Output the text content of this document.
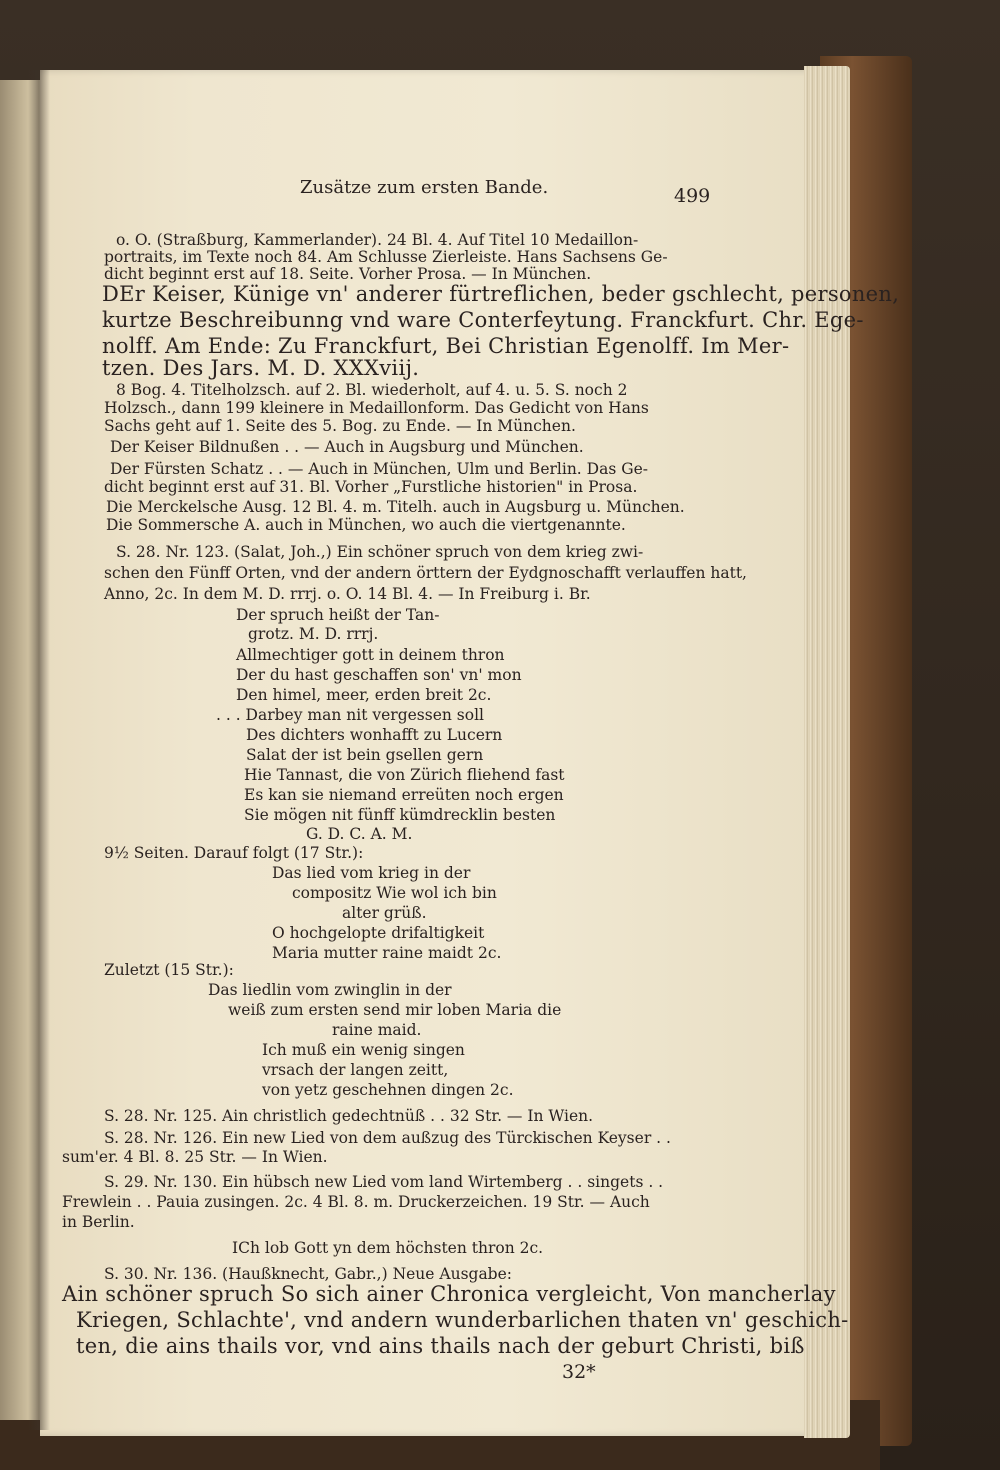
Zusätze zum ersten Bande.	499
o. O. (Straßburg, Kammerlander). 24 Bl. 4. Auf Titel 10 Medaillon-
portraits, im Texte noch 84. Am Schlusse Zierleiste. Hans Sachsens Ge-
dicht beginnt erst auf 18. Seite. Vorher Prosa. — In München.
DEr Keiser, Künige vn' anderer fürtreflichen, beder gschlecht, personen,
kurtze Beschreibunng vnd ware Conterfeytung. Franckfurt. Chr. Ege-
nolff. Am Ende: Zu Franckfurt, Bei Christian Egenolff. Im Mer-
tzen. Des Jars. M. D. XXXviij.
8 Bog. 4. Titelholzsch. auf 2. Bl. wiederholt, auf 4. u. 5. S. noch 2
Holzsch., dann 199 kleinere in Medaillonform. Das Gedicht von Hans
Sachs geht auf 1. Seite des 5. Bog. zu Ende. — In München.
Der Keiser Bildnußen . . — Auch in Augsburg und München.
Der Fürsten Schatz . . — Auch in München, Ulm und Berlin. Das Ge-
dicht beginnt erst auf 31. Bl. Vorher „Furstliche historien" in Prosa.
Die Merckelsche Ausg. 12 Bl. 4. m. Titelh. auch in Augsburg u. München.
Die Sommersche A. auch in München, wo auch die viertgenannte.
S. 28. Nr. 123. (Salat, Joh.,) Ein schöner spruch von dem krieg zwi-
schen den Fünff Orten, vnd der andern örttern der Eydgnoschafft verlauffen hatt,
Anno, 2c. In dem M. D. rrrj. o. O. 14 Bl. 4. — In Freiburg i. Br.
Der spruch heißt der Tan-
grotz. M. D. rrrj.
Allmechtiger gott in deinem thron
Der du hast geschaffen son' vn' mon
Den himel, meer, erden breit 2c.
. . . Darbey man nit vergessen soll
Des dichters wonhafft zu Lucern
Salat der ist bein gsellen gern
Hie Tannast, die von Zürich fliehend fast
Es kan sie niemand erreüten noch ergen
Sie mögen nit fünff kümdrecklin besten
G. D. C. A. M.
9½ Seiten. Darauf folgt (17 Str.):
Das lied vom krieg in der
compositz Wie wol ich bin
alter grüß.
O hochgelopte drifaltigkeit
Maria mutter raine maidt 2c.
Zuletzt (15 Str.):
Das liedlin vom zwinglin in der
weiß zum ersten send mir loben Maria die
raine maid.
Ich muß ein wenig singen
vrsach der langen zeitt,
von yetz geschehnen dingen 2c.
S. 28. Nr. 125. Ain christlich gedechtnüß . . 32 Str. — In Wien.
S. 28. Nr. 126. Ein new Lied von dem außzug des Türckischen Keyser . .
sum'er. 4 Bl. 8. 25 Str. — In Wien.
S. 29. Nr. 130. Ein hübsch new Lied vom land Wirtemberg . . singets . .
Frewlein . . Pauia zusingen. 2c. 4 Bl. 8. m. Druckerzeichen. 19 Str. — Auch
in Berlin.
ICh lob Gott yn dem höchsten thron 2c.
S. 30. Nr. 136. (Haußknecht, Gabr.,) Neue Ausgabe:
Ain schöner spruch So sich ainer Chronica vergleicht, Von mancherlay
Kriegen, Schlachte', vnd andern wunderbarlichen thaten vn' geschich-
ten, die ains thails vor, vnd ains thails nach der geburt Christi, biß
32*
